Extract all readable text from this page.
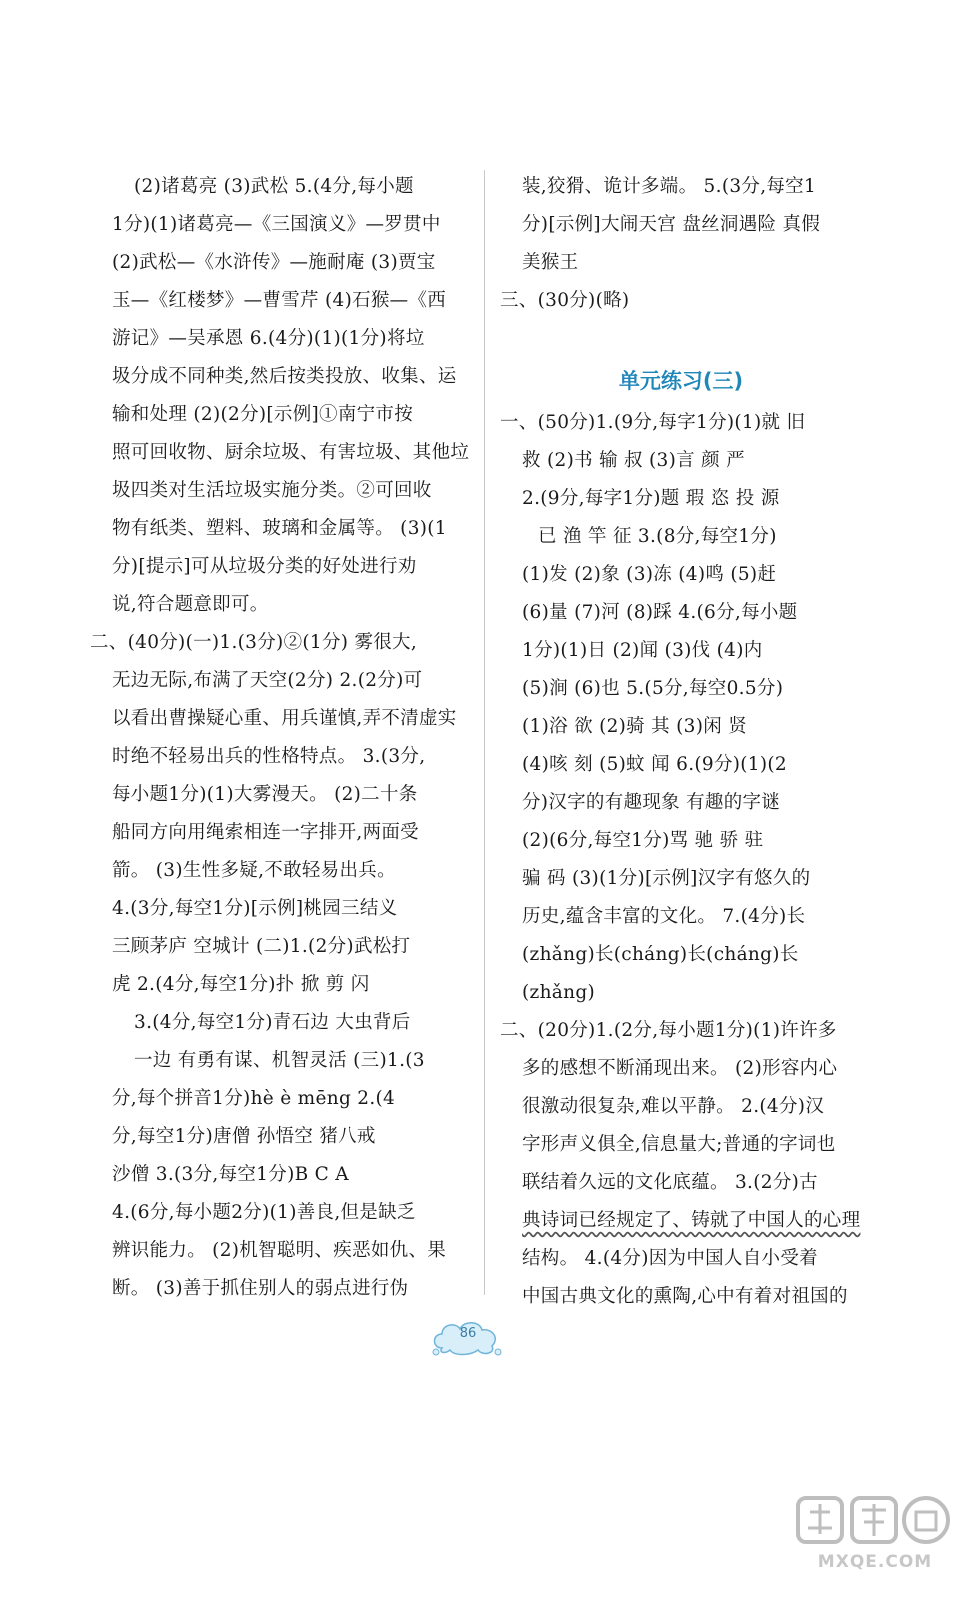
(2)诸葛亮 (3)武松 5.(4分,每小题
1分)(1)诸葛亮—《三国演义》—罗贯中
(2)武松—《水浒传》—施耐庵 (3)贾宝
玉—《红楼梦》—曹雪芹 (4)石猴—《西
游记》—吴承恩 6.(4分)(1)(1分)将垃
圾分成不同种类,然后按类投放、收集、运
输和处理 (2)(2分)[示例]①南宁市按
照可回收物、厨余垃圾、有害垃圾、其他垃
圾四类对生活垃圾实施分类。②可回收
物有纸类、塑料、玻璃和金属等。 (3)(1
分)[提示]可从垃圾分类的好处进行劝
说,符合题意即可。
二、(40分)(一)1.(3分)②(1分) 雾很大,
无边无际,布满了天空(2分) 2.(2分)可
以看出曹操疑心重、用兵谨慎,弄不清虚实
时绝不轻易出兵的性格特点。 3.(3分,
每小题1分)(1)大雾漫天。 (2)二十条
船同方向用绳索相连一字排开,两面受
箭。 (3)生性多疑,不敢轻易出兵。
4.(3分,每空1分)[示例]桃园三结义
三顾茅庐 空城计 (二)1.(2分)武松打
虎 2.(4分,每空1分)扑 掀 剪 闪
3.(4分,每空1分)青石边 大虫背后
一边 有勇有谋、机智灵活 (三)1.(3
分,每个拼音1分)hè è mēng 2.(4
分,每空1分)唐僧 孙悟空 猪八戒
沙僧 3.(3分,每空1分)B C A
4.(6分,每小题2分)(1)善良,但是缺乏
辨识能力。 (2)机智聪明、疾恶如仇、果
断。 (3)善于抓住别人的弱点进行伪
装,狡猾、诡计多端。 5.(3分,每空1
分)[示例]大闹天宫 盘丝洞遇险 真假
美猴王
三、(30分)(略)
单元练习(三)
一、(50分)1.(9分,每字1分)(1)就 旧
救 (2)书 输 叔 (3)言 颜 严
2.(9分,每字1分)题 瑕 恣 投 源
已 渔 竿 征 3.(8分,每空1分)
(1)发 (2)象 (3)冻 (4)鸣 (5)赶
(6)量 (7)河 (8)踩 4.(6分,每小题
1分)(1)日 (2)闻 (3)伐 (4)内
(5)涧 (6)也 5.(5分,每空0.5分)
(1)浴 欲 (2)骑 其 (3)闲 贤
(4)咳 刻 (5)蚊 闻 6.(9分)(1)(2
分)汉字的有趣现象 有趣的字谜
(2)(6分,每空1分)骂 驰 骄 驻
骗 码 (3)(1分)[示例]汉字有悠久的
历史,蕴含丰富的文化。 7.(4分)长
(zhǎng)长(cháng)长(cháng)长
(zhǎng)
二、(20分)1.(2分,每小题1分)(1)许许多
多的感想不断涌现出来。 (2)形容内心
很激动很复杂,难以平静。 2.(4分)汉
字形声义俱全,信息量大;普通的字词也
联结着久远的文化底蕴。 3.(2分)古
典诗词已经规定了、铸就了中国人的心理
结构。 4.(4分)因为中国人自小受着
中国古典文化的熏陶,心中有着对祖国的
86
MXQE.COM
